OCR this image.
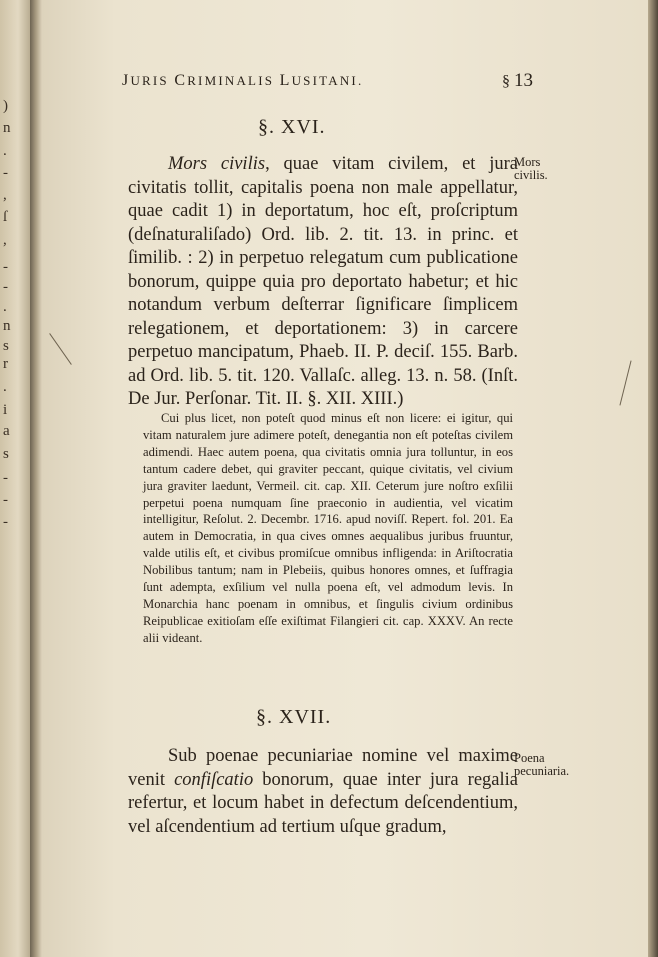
JURIS CRIMINALIS LUSITANI.	§ 13
§. XVI.

Mors civilis, quae vitam civilem, et jura civitatis tollit, capitalis poena non male appellatur, quae cadit 1) in deportatum, hoc eſt, proſcriptum (deſnaturaliſado) Ord. lib. 2. tit. 13. in princ. et ſimilib. : 2) in perpetuo relegatum cum publicatione bonorum, quippe quia pro deportato habetur; et hic notandum verbum deſterrar ſignificare ſimplicem relegationem, et deportationem: 3) in carcere perpetuo mancipatum, Phaeb. II. P. deciſ. 155. Barb. ad Ord. lib. 5. tit. 120. Vallaſc. alleg. 13. n. 58. (Inſt. De Jur. Perſonar. Tit. II. §. XII. XIII.)

Mors civilis.

Cui plus licet, non poteſt quod minus eſt non licere: ei igitur, qui vitam naturalem jure adimere poteſt, denegantia non eſt poteſtas civilem adimendi. Haec autem poena, qua civitatis omnia jura tolluntur, in eos tantum cadere debet, qui graviter peccant, quique civitatis, vel civium jura graviter laedunt, Vermeil. cit. cap. XII. Ceterum jure noſtro exſilii perpetui poena numquam ſine praeconio in audientia, vel vicatim intelligitur, Reſolut. 2. Decembr. 1716. apud noviſſ. Repert. fol. 201. Ea autem in Democratia, in qua cives omnes aequalibus juribus fruuntur, valde utilis eſt, et civibus promiſcue omnibus infligenda: in Ariſtocratia Nobilibus tantum; nam in Plebeiis, quibus honores omnes, et ſuffragia ſunt adempta, exſilium vel nulla poena eſt, vel admodum levis. In Monarchia hanc poenam in omnibus, et ſingulis civium ordinibus Reipublicae exitioſam eſſe exiſtimat Filangieri cit. cap. XXXV. An recte alii videant.

§. XVII.

Sub poenae pecuniariae nomine vel maxime venit confiſcatio bonorum, quae inter jura regalia refertur, et locum habet in defectum deſcendentium, vel aſcendentium ad tertium uſque gradum,

Poena pecuniaria.
)
n
.
-
,
ſ
,
-
-
.
n
s
r
.
i
a
s
-
-
-
